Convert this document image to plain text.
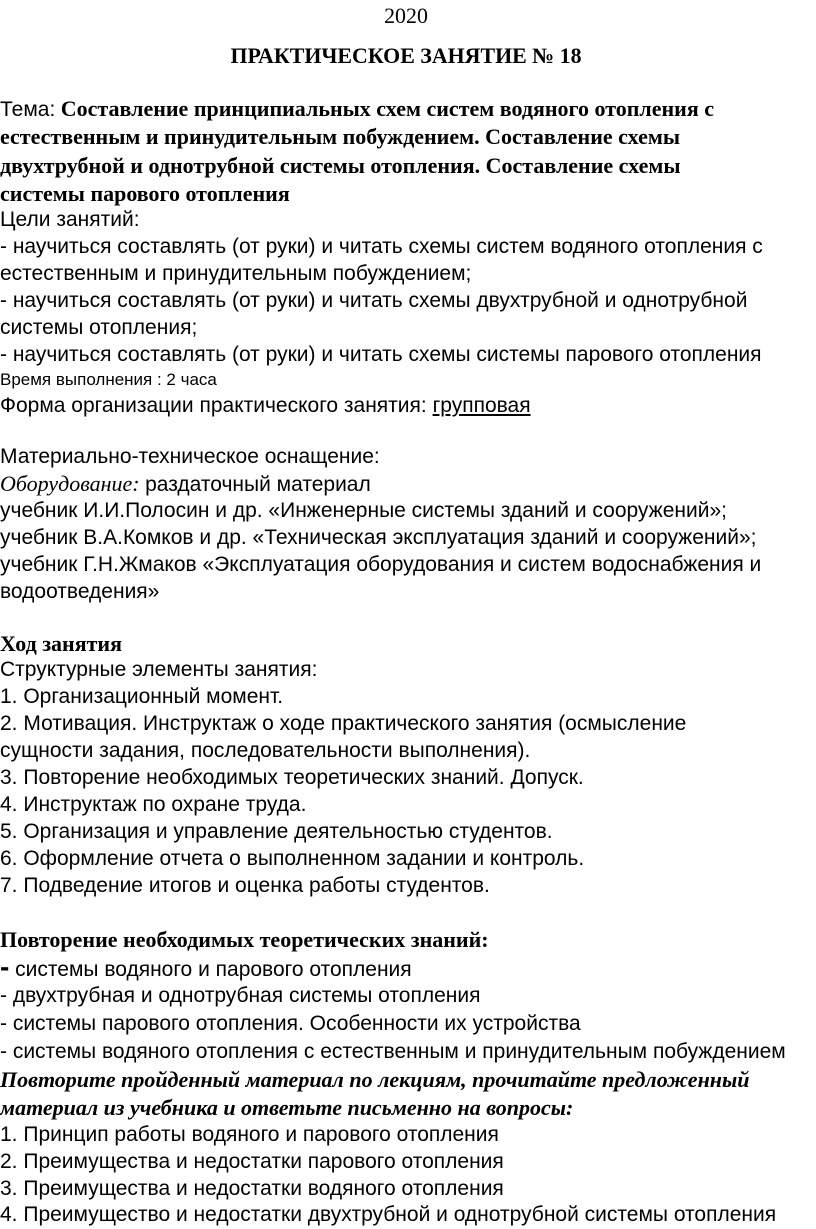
2020
ПРАКТИЧЕСКОЕ ЗАНЯТИЕ № 18
Тема: Составление принципиальных схем систем водяного отопления с
естественным и принудительным побуждением. Составление схемы
двухтрубной и однотрубной системы отопления. Составление схемы
системы парового отопления
Цели занятий:
- научиться составлять (от руки) и читать схемы систем водяного отопления с
естественным и принудительным побуждением;
- научиться составлять (от руки) и читать схемы двухтрубной и однотрубной
системы отопления;
- научиться составлять (от руки) и читать схемы системы парового отопления
Время выполнения : 2 часа
Форма организации практического занятия: групповая
Материально-техническое оснащение:
Оборудование: раздаточный материал
учебник И.И.Полосин и др. «Инженерные системы зданий и сооружений»;
учебник В.А.Комков и др. «Техническая эксплуатация зданий и сооружений»;
учебник Г.Н.Жмаков «Эксплуатация оборудования и систем водоснабжения и
водоотведения»
Ход занятия
Структурные элементы занятия:
1. Организационный момент.
2. Мотивация. Инструктаж о ходе практического занятия (осмысление
сущности задания, последовательности выполнения).
3. Повторение необходимых теоретических знаний. Допуск.
4. Инструктаж по охране труда.
5. Организация и управление деятельностью студентов.
6. Оформление отчета о выполненном задании и контроль.
7. Подведение итогов и оценка работы студентов.
Повторение необходимых теоретических знаний:
- системы водяного и парового отопления
- двухтрубная и однотрубная системы отопления
- системы парового отопления. Особенности их устройства
- системы водяного отопления с естественным и принудительным побуждением
Повторите пройденный материал по лекциям, прочитайте предложенный
материал из учебника и ответьте письменно на вопросы:
1. Принцип работы водяного и парового отопления
2. Преимущества и недостатки парового отопления
3. Преимущества и недостатки водяного отопления
4. Преимущество и недостатки двухтрубной и однотрубной системы отопления
